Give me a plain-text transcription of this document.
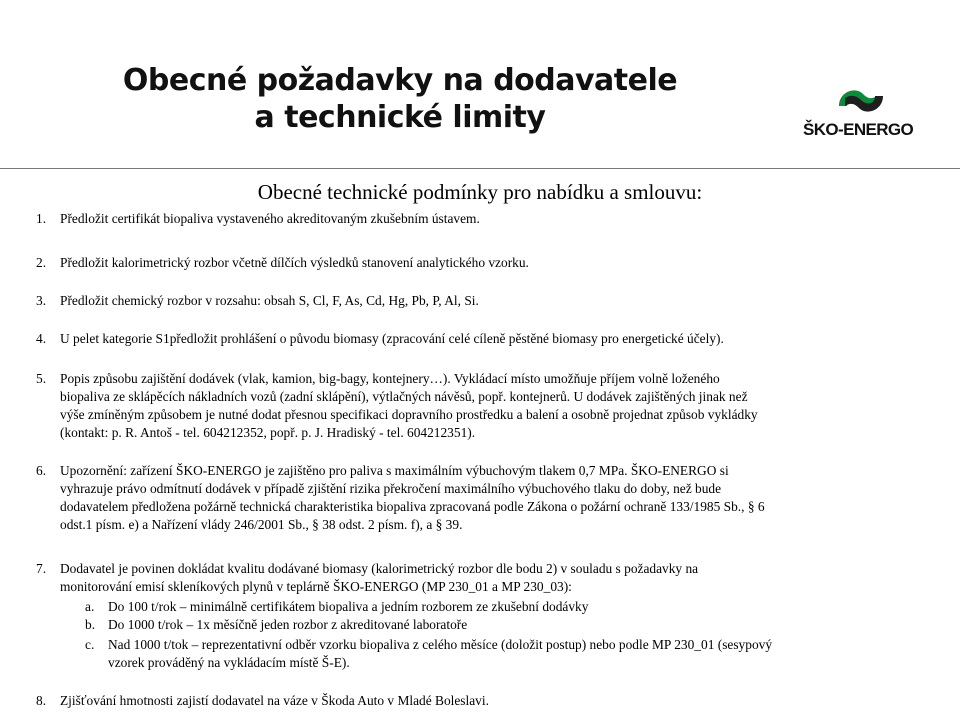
Obecné požadavky na dodavatele
a technické limity	ŠKO-ENERGO
Obecné technické podmínky pro nabídku a smlouvu:
1. Předložit certifikát biopaliva vystaveného akreditovaným zkušebním ústavem.
2. Předložit kalorimetrický rozbor včetně dílčích výsledků stanovení analytického vzorku.
3. Předložit chemický rozbor v rozsahu: obsah S, Cl, F, As, Cd, Hg, Pb, P, Al, Si.
4. U pelet kategorie S1předložit prohlášení o původu biomasy (zpracování celé cíleně pěstěné biomasy pro energetické účely).
5. Popis způsobu zajištění dodávek (vlak, kamion, big-bagy, kontejnery…). Vykládací místo umožňuje příjem volně loženého
biopaliva ze sklápěcích nákladních vozů (zadní sklápění), výtlačných návěsů, popř. kontejnerů. U dodávek zajištěných jinak než
výše zmíněným způsobem je nutné dodat přesnou specifikaci dopravního prostředku a balení a osobně projednat způsob vykládky
(kontakt: p. R. Antoš - tel. 604212352, popř. p. J. Hradiský - tel. 604212351).
6. Upozornění: zařízení ŠKO-ENERGO je zajištěno pro paliva s maximálním výbuchovým tlakem 0,7 MPa. ŠKO-ENERGO si
vyhrazuje právo odmítnutí dodávek v případě zjištění rizika překročení maximálního výbuchového tlaku do doby, než bude
dodavatelem předložena požárně technická charakteristika biopaliva zpracovaná podle Zákona o požární ochraně 133/1985 Sb., § 6
odst.1 písm. e) a Nařízení vlády 246/2001 Sb., § 38 odst. 2 písm. f), a § 39.
7. Dodavatel je povinen dokládat kvalitu dodávané biomasy (kalorimetrický rozbor dle bodu 2) v souladu s požadavky na
monitorování emisí skleníkových plynů v teplárně ŠKO-ENERGO (MP 230_01 a MP 230_03):
8. Zjišťování hmotnosti zajistí dodavatel na váze v Škoda Auto v Mladé Boleslavi.
a. Do 100 t/rok – minimálně certifikátem biopaliva a jedním rozborem ze zkušební dodávky
b. Do 1000 t/rok – 1x měsíčně jeden rozbor z akreditované laboratoře
c. Nad 1000 t/tok – reprezentativní odběr vzorku biopaliva z celého měsíce (doložit postup) nebo podle MP 230_01 (sesypový
vzorek prováděný na vykládacím místě Š-E).
